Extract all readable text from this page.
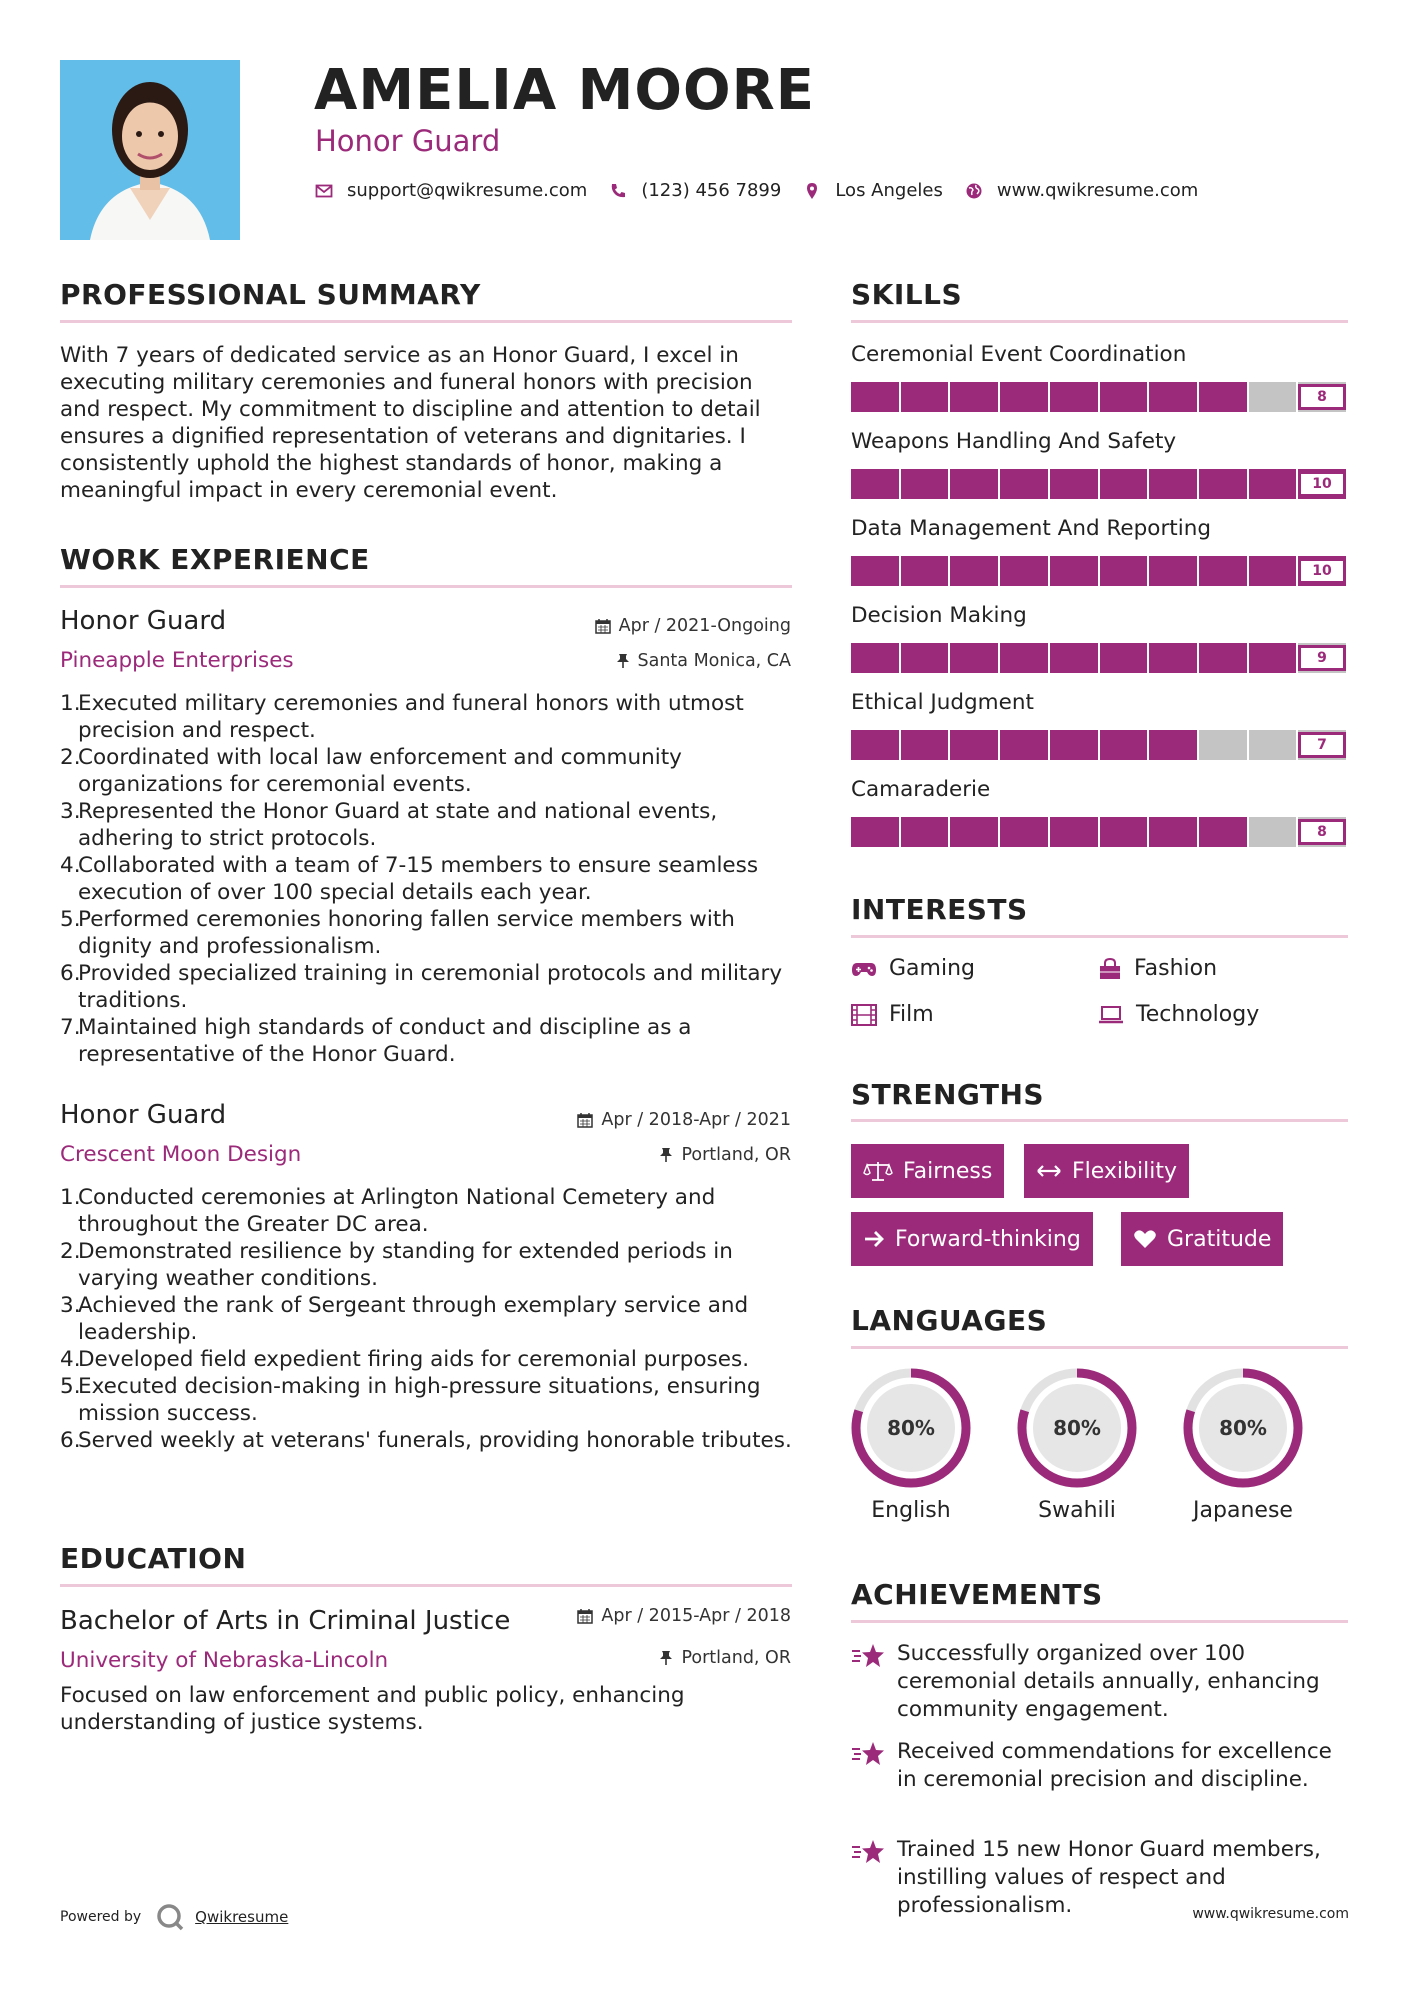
AMELIA MOORE
Honor Guard
support@qwikresume.com	(123) 456 7899	Los Angeles	www.qwikresume.com
PROFESSIONAL SUMMARY
With 7 years of dedicated service as an Honor Guard, I excel in executing military ceremonies and funeral honors with precision and respect. My commitment to discipline and attention to detail ensures a dignified representation of veterans and dignitaries. I consistently uphold the highest standards of honor, making a meaningful impact in every ceremonial event.
WORK EXPERIENCE
Honor Guard
Pineapple Enterprises
Apr / 2021-Ongoing
Santa Monica, CA
Executed military ceremonies and funeral honors with utmost precision and respect.
Coordinated with local law enforcement and community organizations for ceremonial events.
Represented the Honor Guard at state and national events, adhering to strict protocols.
Collaborated with a team of 7-15 members to ensure seamless execution of over 100 special details each year.
Performed ceremonies honoring fallen service members with dignity and professionalism.
Provided specialized training in ceremonial protocols and military traditions.
Maintained high standards of conduct and discipline as a representative of the Honor Guard.
Honor Guard
Crescent Moon Design
Apr / 2018-Apr / 2021
Portland, OR
Conducted ceremonies at Arlington National Cemetery and throughout the Greater DC area.
Demonstrated resilience by standing for extended periods in varying weather conditions.
Achieved the rank of Sergeant through exemplary service and leadership.
Developed field expedient firing aids for ceremonial purposes.
Executed decision-making in high-pressure situations, ensuring mission success.
Served weekly at veterans' funerals, providing honorable tributes.
EDUCATION
Bachelor of Arts in Criminal Justice
University of Nebraska-Lincoln
Apr / 2015-Apr / 2018
Portland, OR
Focused on law enforcement and public policy, enhancing understanding of justice systems.
SKILLS
Ceremonial Event Coordination
8
Weapons Handling And Safety
10
Data Management And Reporting
10
Decision Making
9
Ethical Judgment
7
Camaraderie
8
INTERESTS
Gaming	Fashion
Film	Technology
STRENGTHS
Fairness	Flexibility
Forward-thinking	Gratitude
LANGUAGES
80%
English
80%
Swahili
80%
Japanese
ACHIEVEMENTS
Successfully organized over 100 ceremonial details annually, enhancing community engagement.
Received commendations for excellence in ceremonial precision and discipline.
Trained 15 new Honor Guard members, instilling values of respect and professionalism.
Powered by	Qwikresume	www.qwikresume.com
